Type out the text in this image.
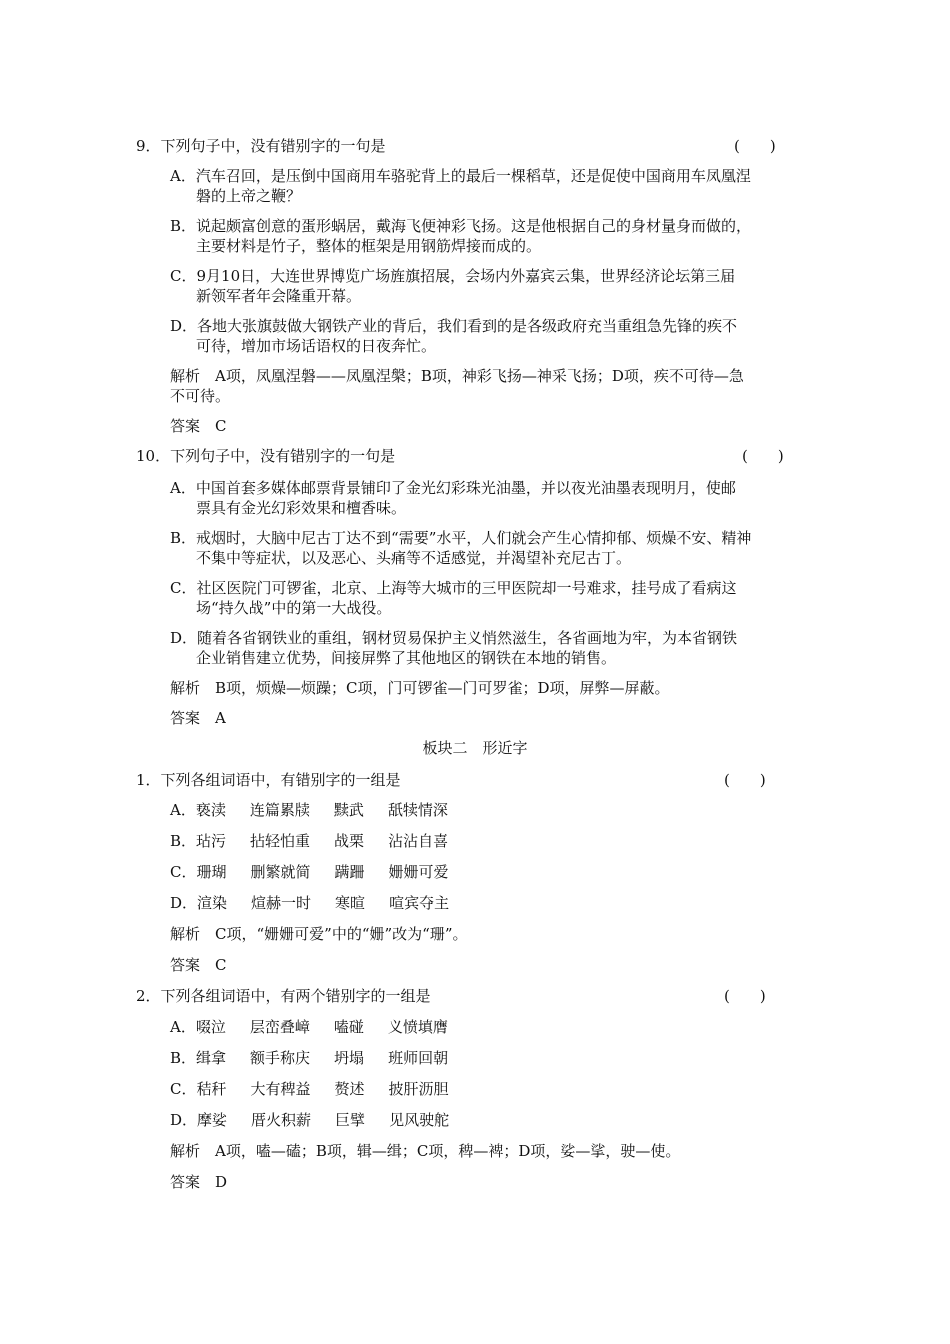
9．下列句子中，没有错别字的一句是	(　　)
A．汽车召回，是压倒中国商用车骆驼背上的最后一棵稻草，还是促使中国商用车凤凰涅
磐的上帝之鞭？
B．说起颇富创意的蛋形蜗居，戴海飞便神彩飞扬。这是他根据自己的身材量身而做的，
主要材料是竹子，整体的框架是用钢筋焊接而成的。
C．9月10日，大连世界博览广场旌旗招展，会场内外嘉宾云集，世界经济论坛第三届
新领军者年会隆重开幕。
D．各地大张旗鼓做大钢铁产业的背后，我们看到的是各级政府充当重组急先锋的疾不
可待，增加市场话语权的日夜奔忙。
解析　A项，凤凰涅磐——凤凰涅槃；B项，神彩飞扬—神采飞扬；D项，疾不可待—急
不可待。
答案　C
10．下列句子中，没有错别字的一句是	(　　)
A．中国首套多媒体邮票背景铺印了金光幻彩珠光油墨，并以夜光油墨表现明月，使邮
票具有金光幻彩效果和檀香味。
B．戒烟时，大脑中尼古丁达不到“需要”水平，人们就会产生心情抑郁、烦燥不安、精神
不集中等症状，以及恶心、头痛等不适感觉，并渴望补充尼古丁。
C．社区医院门可锣雀，北京、上海等大城市的三甲医院却一号难求，挂号成了看病这
场“持久战”中的第一大战役。
D．随着各省钢铁业的重组，钢材贸易保护主义悄然滋生，各省画地为牢，为本省钢铁
企业销售建立优势，间接屏弊了其他地区的钢铁在本地的销售。
解析　B项，烦燥—烦躁；C项，门可锣雀—门可罗雀；D项，屏弊—屏蔽。
答案　A
板块二　形近字
1．下列各组词语中，有错别字的一组是	(　　)
A．亵渎 连篇累牍 黩武 舐犊情深
B．玷污 拈轻怕重 战栗 沾沾自喜
C．珊瑚 删繁就简 蹒跚 姗姗可爱
D．渲染 煊赫一时 寒暄 喧宾夺主
解析　C项，“姗姗可爱”中的“姗”改为“珊”。
答案　C
2．下列各组词语中，有两个错别字的一组是	(　　)
A．啜泣 层峦叠嶂 嗑碰 义愤填膺
B．缉拿 额手称庆 坍塌 班师回朝
C．秸秆 大有稗益 赘述 披肝沥胆
D．摩娑 厝火积薪 巨擘 见风驶舵
解析　A项，嗑—磕；B项，辑—缉；C项，稗—裨；D项，娑—挲，驶—使。
答案　D
